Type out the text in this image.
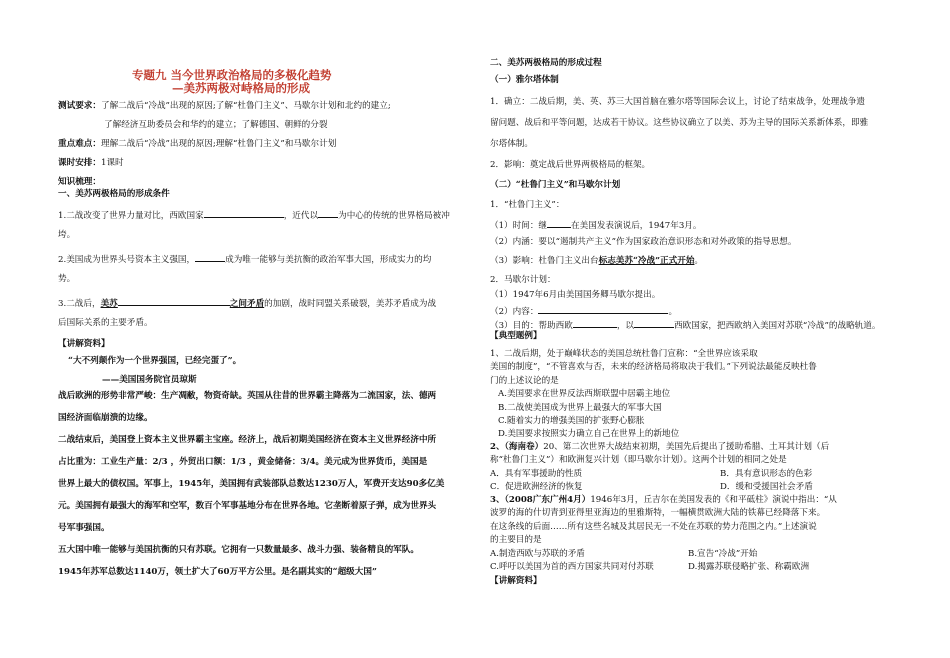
专题九 当今世界政治格局的多极化趋势
—美苏两极对峙格局的形成
测试要求：了解二战后“冷战”出现的原因;了解“杜鲁门主义”、马歇尔计划和北约的建立;
了解经济互助委员会和华约的建立；了解德国、朝鲜的分裂
重点难点：理解二战后“冷战”出现的原因;理解“杜鲁门主义”和马歇尔计划
课时安排：1课时
知识梳理：
一、美苏两极格局的形成条件
1.二战改变了世界力量对比，西欧国家	，近代以 为中心的传统的世界格局被冲
垮。
2.美国成为世界头号资本主义强国，	成为唯一能够与美抗衡的政治军事大国，形成实力的均
势。
3.二战后，美苏	之间矛盾的加剧，战时同盟关系破裂，美苏矛盾成为战
后国际关系的主要矛盾。
【讲解资料】
“大不列颠作为一个世界强国，已经完蛋了”。
——美国国务院官员琼斯
战后欧洲的形势非常严峻：生产凋敝，物资奇缺。英国从往昔的世界霸主降落为二流国家，法、德两
国经济面临崩溃的边缘。
二战结束后，美国登上资本主义世界霸主宝座。经济上，战后初期美国经济在资本主义世界经济中所
占比重为：工业生产量：2/3 ，外贸出口额：1/3 ，黄金储备：3/4。美元成为世界货币，美国是
世界上最大的债权国。军事上，1945年，美国拥有武装部队总数达1230万人，军费开支达90多亿美
元。美国拥有最强大的海军和空军，数百个军事基地分布在世界各地。它垄断着原子弹，成为世界头
号军事强国。
五大国中唯一能够与美国抗衡的只有苏联。它拥有一只数量最多、战斗力强、装备精良的军队。
1945年苏军总数达1140万，领土扩大了60万平方公里。是名副其实的“超级大国”
二、美苏两极格局的形成过程
（一）雅尔塔体制
1．确立：二战后期，美、英、苏三大国首脑在雅尔塔等国际会议上，讨论了结束战争，处理战争遗
留问题、战后和平等问题，达成若干协议。这些协议确立了以美、苏为主导的国际关系新体系，即雅
尔塔体制。
2．影响：奠定战后世界两极格局的框架。
（二）“杜鲁门主义”和马歇尔计划
1．“杜鲁门主义”：
（1）时间：继	在美国发表演说后，1947年3月。
（2）内涵：要以“遏制共产主义”作为国家政治意识形态和对外政策的指导思想。
（3）影响：杜鲁门主义出台标志美苏“冷战”正式开始。
2．马歇尔计划：
（1）1947年6月由美国国务卿马歇尔提出。
（2）内容：	。
（3）目的：帮助西欧	，以	西欧国家，把西欧纳入美国对苏联“冷战”的战略轨道。
【典型题例】
1、二战后期，处于巅峰状态的美国总统杜鲁门宣称：“全世界应该采取
美国的制度”，“不管喜欢与否，未来的经济格局将取决于我们。”下列说法最能反映杜鲁
门的上述议论的是
A.美国要求在世界反法西斯联盟中居霸主地位
B.二战使美国成为世界上最强大的军事大国
C.随着实力的增强美国的扩张野心膨胀
D.美国要求按照实力确立自己在世界上的新地位
2、（海南卷）20、第二次世界大战结束初期，美国先后提出了援助希腊、土耳其计划（后
称“杜鲁门主义”）和欧洲复兴计划（即马歇尔计划）。这两个计划的相同之处是
A．具有军事援助的性质	B．具有意识形态的色彩
C．促进欧洲经济的恢复	D．缓和受援国社会矛盾
3、（2008广东广州4月）1946年3月，丘吉尔在美国发表的《和平砥柱》演说中指出：“从
波罗的海的什切青到亚得里亚海边的里雅斯特，一幅横贯欧洲大陆的铁幕已经降落下来。
在这条线的后面……所有这些名城及其居民无一不处在苏联的势力范围之内。”上述演说
的主要目的是
A.制造西欧与苏联的矛盾	B.宣告“冷战”开始
C.呼吁以美国为首的西方国家共同对付苏联	D.揭露苏联侵略扩张、称霸欧洲
【讲解资料】
